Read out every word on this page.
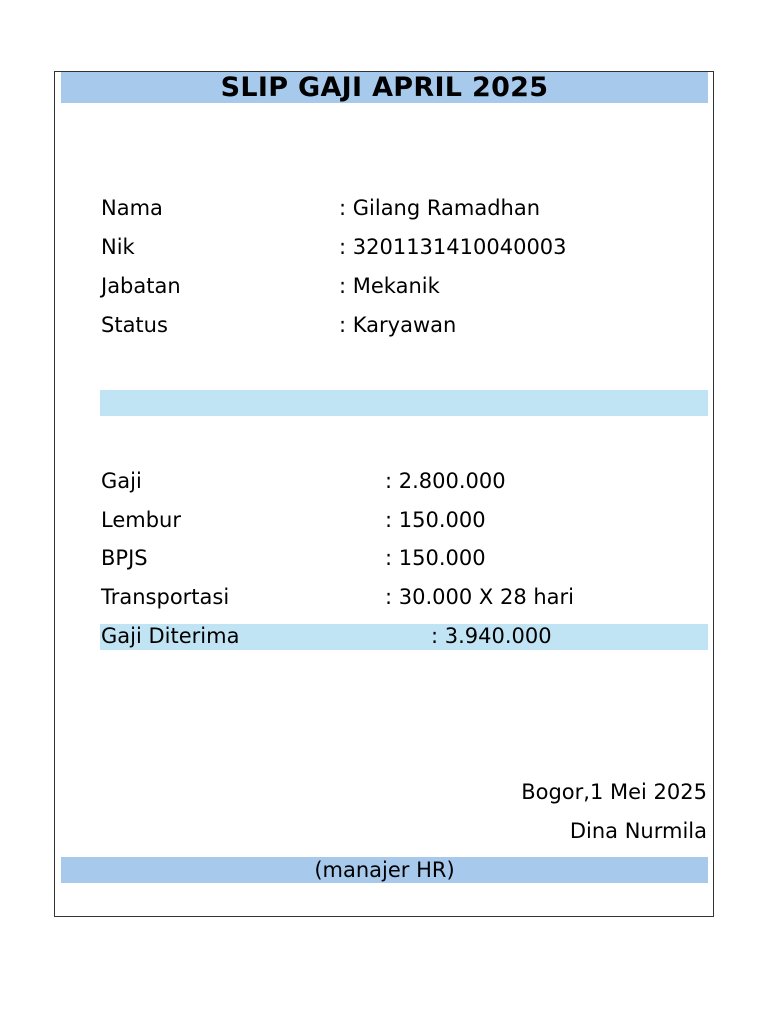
SLIP GAJI APRIL 2025
Nama	: Gilang Ramadhan
Nik	: 3201131410040003
Jabatan	: Mekanik
Status	: Karyawan
Gaji	: 2.800.000
Lembur	: 150.000
BPJS	: 150.000
Transportasi	: 30.000 X 28 hari
Gaji Diterima	: 3.940.000
Bogor,1 Mei 2025
Dina Nurmila
(manajer HR)
